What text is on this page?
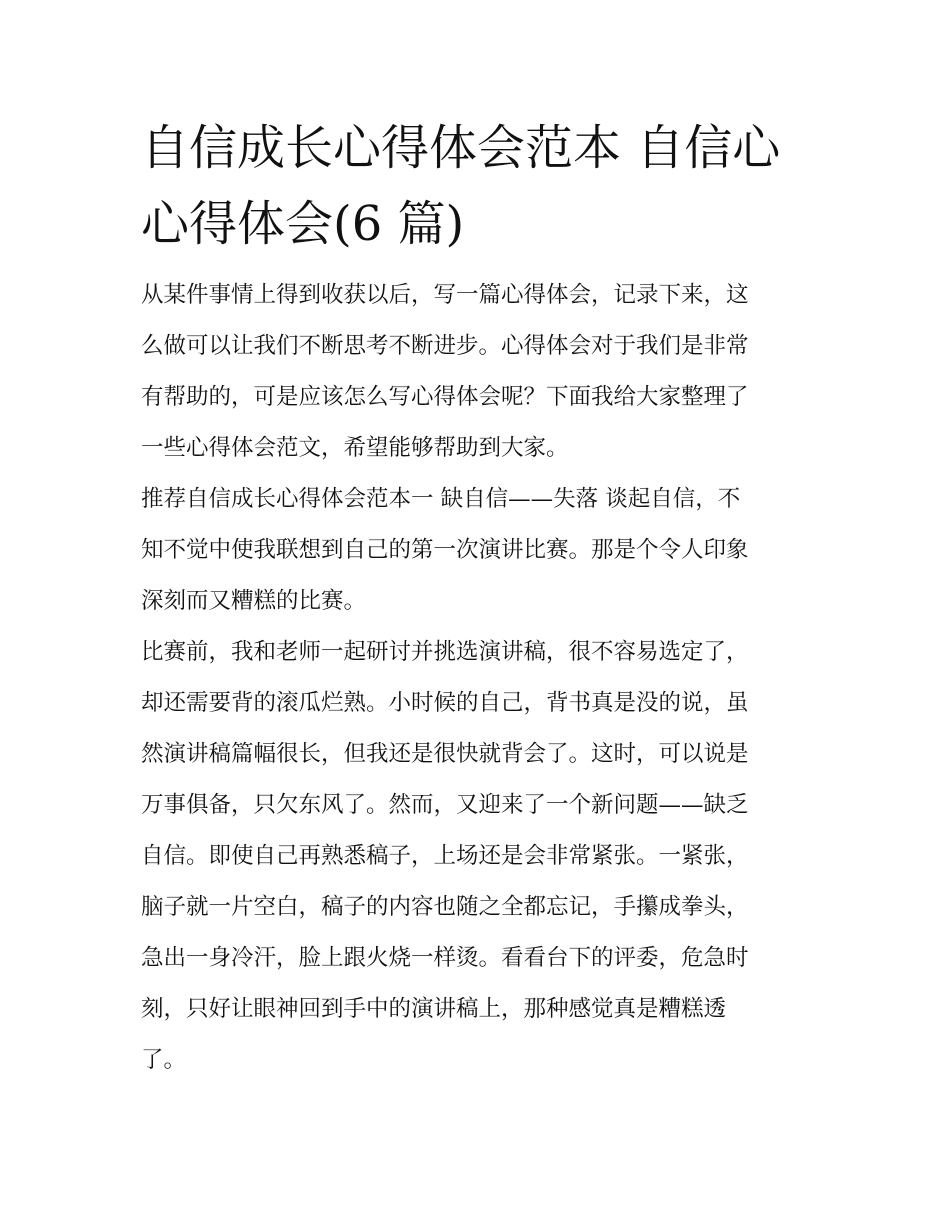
自信成长心得体会范本 自信心
心得体会(6 篇)

从某件事情上得到收获以后，写一篇心得体会，记录下来，这
么做可以让我们不断思考不断进步。心得体会对于我们是非常
有帮助的，可是应该怎么写心得体会呢？下面我给大家整理了
一些心得体会范文，希望能够帮助到大家。

推荐自信成长心得体会范本一 缺自信——失落 谈起自信，不
知不觉中使我联想到自己的第一次演讲比赛。那是个令人印象
深刻而又糟糕的比赛。

比赛前，我和老师一起研讨并挑选演讲稿，很不容易选定了，
却还需要背的滚瓜烂熟。小时候的自己，背书真是没的说，虽
然演讲稿篇幅很长，但我还是很快就背会了。这时，可以说是
万事俱备，只欠东风了。然而，又迎来了一个新问题——缺乏
自信。即使自己再熟悉稿子，上场还是会非常紧张。一紧张，
脑子就一片空白，稿子的内容也随之全都忘记，手攥成拳头，
急出一身冷汗，脸上跟火烧一样烫。看看台下的评委，危急时
刻，只好让眼神回到手中的演讲稿上，那种感觉真是糟糕透
了。
